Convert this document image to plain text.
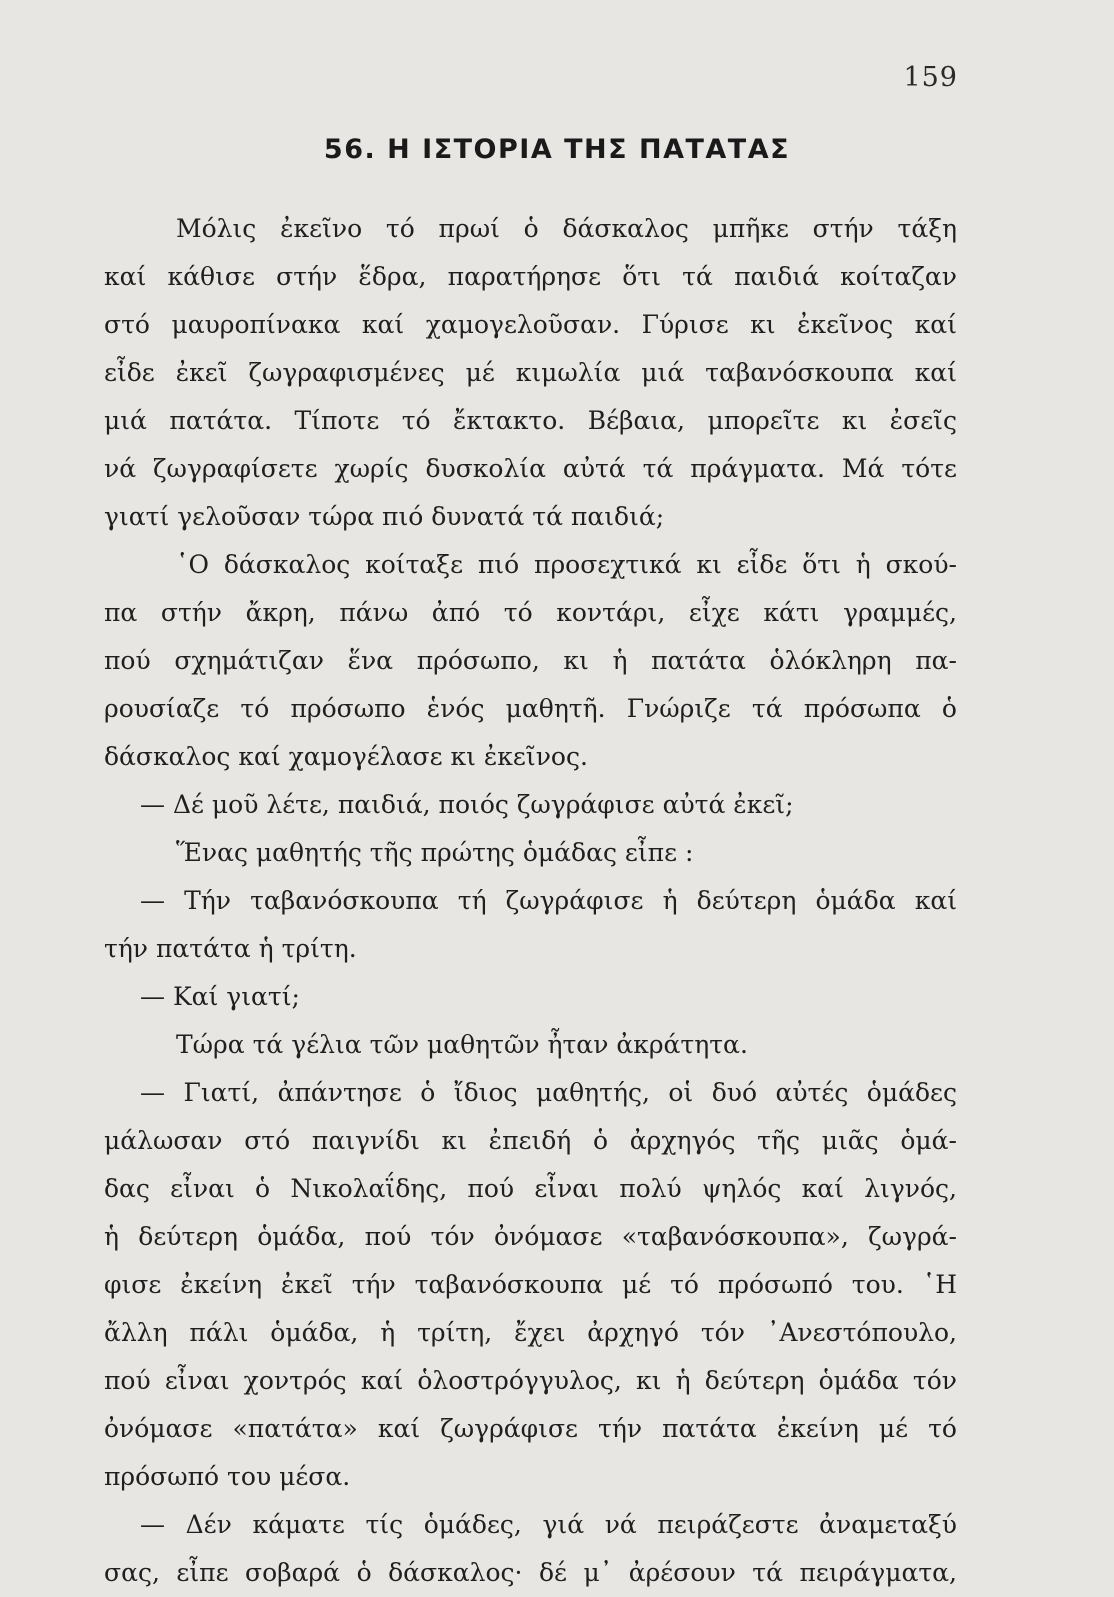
159
56. Η ΙΣΤΟΡΙΑ ΤΗΣ ΠΑΤΑΤΑΣ
Μόλις ἐκεῖνο τό πρωί ὁ δάσκαλος μπῆκε στήν τάξη
καί κάθισε στήν ἕδρα, παρατήρησε ὅτι τά παιδιά κοίταζαν
στό μαυροπίνακα καί χαμογελοῦσαν. Γύρισε κι ἐκεῖνος καί
εἶδε ἐκεῖ ζωγραφισμένες μέ κιμωλία μιά ταβανόσκουπα καί
μιά πατάτα. Τίποτε τό ἔκτακτο. Βέβαια, μπορεῖτε κι ἐσεῖς
νά ζωγραφίσετε χωρίς δυσκολία αὐτά τά πράγματα. Μά τότε
γιατί γελοῦσαν τώρα πιό δυνατά τά παιδιά;
῾Ο δάσκαλος κοίταξε πιό προσεχτικά κι εἶδε ὅτι ἡ σκού-
πα στήν ἄκρη, πάνω ἀπό τό κοντάρι, εἶχε κάτι γραμμές,
πού σχημάτιζαν ἕνα πρόσωπο, κι ἡ πατάτα ὁλόκληρη πα-
ρουσίαζε τό πρόσωπο ἑνός μαθητῆ. Γνώριζε τά πρόσωπα ὁ
δάσκαλος καί χαμογέλασε κι ἐκεῖνος.
— Δέ μοῦ λέτε, παιδιά, ποιός ζωγράφισε αὐτά ἐκεῖ;
Ἕνας μαθητής τῆς πρώτης ὁμάδας εἶπε :
— Τήν ταβανόσκουπα τή ζωγράφισε ἡ δεύτερη ὁμάδα καί
τήν πατάτα ἡ τρίτη.
— Καί γιατί;
Τώρα τά γέλια τῶν μαθητῶν ἦταν ἀκράτητα.
— Γιατί, ἀπάντησε ὁ ἴδιος μαθητής, οἱ δυό αὐτές ὁμάδες
μάλωσαν στό παιγνίδι κι ἐπειδή ὁ ἀρχηγός τῆς μιᾶς ὁμά-
δας εἶναι ὁ Νικολαΐδης, πού εἶναι πολύ ψηλός καί λιγνός,
ἡ δεύτερη ὁμάδα, πού τόν ὀνόμασε «ταβανόσκουπα», ζωγρά-
φισε ἐκείνη ἐκεῖ τήν ταβανόσκουπα μέ τό πρόσωπό του. ῾Η
ἄλλη πάλι ὁμάδα, ἡ τρίτη, ἔχει ἀρχηγό τόν ᾿Ανεστόπουλο,
πού εἶναι χοντρός καί ὁλοστρόγγυλος, κι ἡ δεύτερη ὁμάδα τόν
ὀνόμασε «πατάτα» καί ζωγράφισε τήν πατάτα ἐκείνη μέ τό
πρόσωπό του μέσα.
— Δέν κάματε τίς ὁμάδες, γιά νά πειράζεστε ἀναμεταξύ
σας, εἶπε σοβαρά ὁ δάσκαλος· δέ μ᾿ ἀρέσουν τά πειράγματα,
